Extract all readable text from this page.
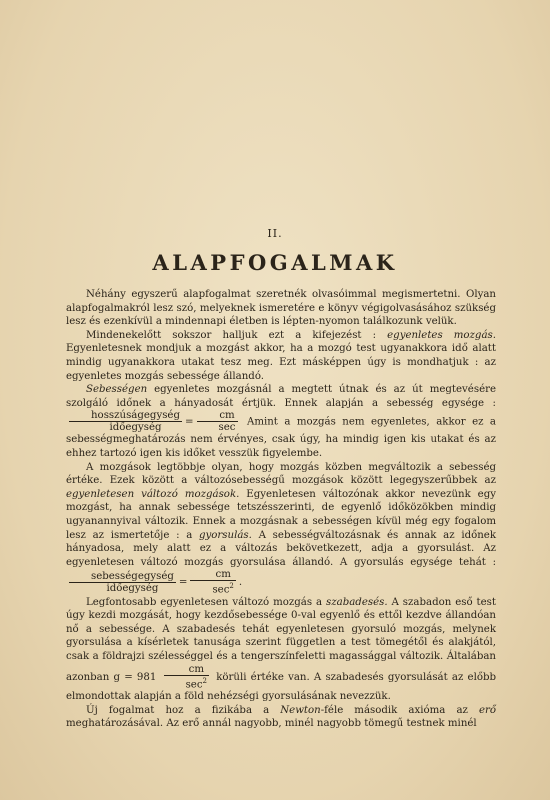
II.
ALAPFOGALMAK

Néhány egyszerű alapfogalmat szeretnék olvasóimmal megismertetni. Olyan alapfogalmakról lesz szó, melyeknek ismeretére e könyv végigolvasásához szükség lesz és ezenkívül a mindennapi életben is lépten-nyomon találkozunk velük.

Mindenekelőtt sokszor halljuk ezt a kifejezést : egyenletes mozgás. Egyenletesnek mondjuk a mozgást akkor, ha a mozgó test ugyanakkora idő alatt mindig ugyanakkora utakat tesz meg. Ezt másképpen úgy is mondhatjuk : az egyenletes mozgás sebessége állandó.

Sebességen egyenletes mozgásnál a megtett útnak és az út megtevésére szolgáló időnek a hányadosát értjük. Ennek alapján a sebesség egysége :
$\frac{\text{hosszúságegység}}{\text{időegység}} = \frac{cm}{\sec}$ Amint a mozgás nem egyenletes, akkor ez a sebességmeghatározás nem érvényes, csak úgy, ha mindig igen kis utakat és az ehhez tartozó igen kis időket vesszük figyelembe.

A mozgások legtöbbje olyan, hogy mozgás közben megváltozik a sebesség értéke. Ezek között a változósebességű mozgások között legegyszerűbbek az egyenletesen változó mozgások. Egyenletesen változónak akkor nevezünk egy mozgást, ha annak sebessége tetszésszerinti, de egyenlő időközökben mindig ugyanannyival változik. Ennek a mozgásnak a sebességen kívül még egy fogalom lesz az ismertetője : a gyorsulás. A sebességváltozásnak és annak az időnek hányadosa, mely alatt ez a változás bekövetkezett, adja a gyorsulást. Az egyenletesen változó mozgás gyorsulása állandó. A gyorsulás egysége tehát :
$\frac{\text{sebességegység}}{\text{időegység}} = \frac{cm}{\sec^2}$ .

Legfontosabb egyenletesen változó mozgás a szabadesés. A szabadon eső test úgy kezdi mozgását, hogy kezdősebessége 0-val egyenlő és ettől kezdve állandóan nő a sebessége. A szabadesés tehát egyenletesen gyorsuló mozgás, melynek gyorsulása a kísérletek tanusága szerint független a test tömegétől és alakjától, csak a földrajzi szélességgel és a tengerszínfeletti magassággal változik. Általában azonban $g = 981 \frac{cm}{\sec^2}$ körüli értéke van. A szabadesés gyorsulását az előbb elmondottak alapján a föld nehézségi gyorsulásának nevezzük.

Új fogalmat hoz a fizikába a Newton-féle második axióma az erő meghatározásával. Az erő annál nagyobb, minél nagyobb tömegű testnek minél
